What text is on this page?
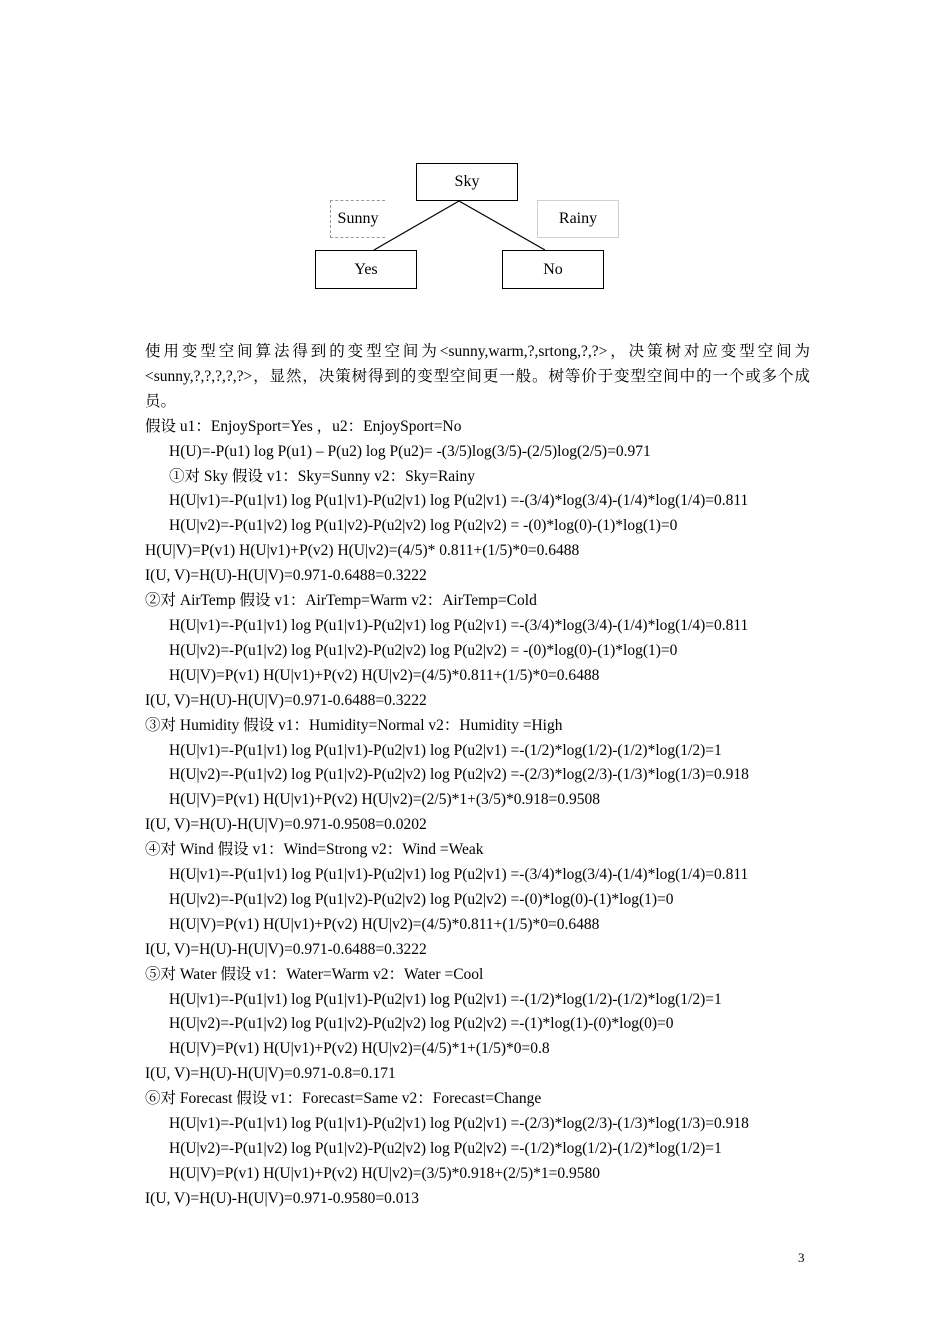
Sky
Sunny	Rainy
Yes	No
使用变型空间算法得到的变型空间为<sunny,warm,?,srtong,?,?>，决策树对应变型空间为<sunny,?,?,?,?,?>，显然，决策树得到的变型空间更一般。树等价于变型空间中的一个或多个成员。
假设 u1：EnjoySport=Yes ，u2：EnjoySport=No
H(U)=-P(u1) log P(u1) – P(u2) log P(u2)= -(3/5)log(3/5)-(2/5)log(2/5)=0.971
①对 Sky 假设 v1：Sky=Sunny v2：Sky=Rainy
H(U|v1)=-P(u1|v1) log P(u1|v1)-P(u2|v1) log P(u2|v1) =-(3/4)*log(3/4)-(1/4)*log(1/4)=0.811
H(U|v2)=-P(u1|v2) log P(u1|v2)-P(u2|v2) log P(u2|v2) = -(0)*log(0)-(1)*log(1)=0
H(U|V)=P(v1) H(U|v1)+P(v2) H(U|v2)=(4/5)* 0.811+(1/5)*0=0.6488
I(U, V)=H(U)-H(U|V)=0.971-0.6488=0.3222
②对 AirTemp 假设 v1：AirTemp=Warm v2：AirTemp=Cold
H(U|v1)=-P(u1|v1) log P(u1|v1)-P(u2|v1) log P(u2|v1) =-(3/4)*log(3/4)-(1/4)*log(1/4)=0.811
H(U|v2)=-P(u1|v2) log P(u1|v2)-P(u2|v2) log P(u2|v2) = -(0)*log(0)-(1)*log(1)=0
H(U|V)=P(v1) H(U|v1)+P(v2) H(U|v2)=(4/5)*0.811+(1/5)*0=0.6488
I(U, V)=H(U)-H(U|V)=0.971-0.6488=0.3222
③对 Humidity 假设 v1：Humidity=Normal v2：Humidity =High
H(U|v1)=-P(u1|v1) log P(u1|v1)-P(u2|v1) log P(u2|v1) =-(1/2)*log(1/2)-(1/2)*log(1/2)=1
H(U|v2)=-P(u1|v2) log P(u1|v2)-P(u2|v2) log P(u2|v2) =-(2/3)*log(2/3)-(1/3)*log(1/3)=0.918
H(U|V)=P(v1) H(U|v1)+P(v2) H(U|v2)=(2/5)*1+(3/5)*0.918=0.9508
I(U, V)=H(U)-H(U|V)=0.971-0.9508=0.0202
④对 Wind 假设 v1：Wind=Strong v2：Wind =Weak
H(U|v1)=-P(u1|v1) log P(u1|v1)-P(u2|v1) log P(u2|v1) =-(3/4)*log(3/4)-(1/4)*log(1/4)=0.811
H(U|v2)=-P(u1|v2) log P(u1|v2)-P(u2|v2) log P(u2|v2) =-(0)*log(0)-(1)*log(1)=0
H(U|V)=P(v1) H(U|v1)+P(v2) H(U|v2)=(4/5)*0.811+(1/5)*0=0.6488
I(U, V)=H(U)-H(U|V)=0.971-0.6488=0.3222
⑤对 Water 假设 v1：Water=Warm v2：Water =Cool
H(U|v1)=-P(u1|v1) log P(u1|v1)-P(u2|v1) log P(u2|v1) =-(1/2)*log(1/2)-(1/2)*log(1/2)=1
H(U|v2)=-P(u1|v2) log P(u1|v2)-P(u2|v2) log P(u2|v2) =-(1)*log(1)-(0)*log(0)=0
H(U|V)=P(v1) H(U|v1)+P(v2) H(U|v2)=(4/5)*1+(1/5)*0=0.8
I(U, V)=H(U)-H(U|V)=0.971-0.8=0.171
⑥对 Forecast 假设 v1：Forecast=Same v2：Forecast=Change
H(U|v1)=-P(u1|v1) log P(u1|v1)-P(u2|v1) log P(u2|v1) =-(2/3)*log(2/3)-(1/3)*log(1/3)=0.918
H(U|v2)=-P(u1|v2) log P(u1|v2)-P(u2|v2) log P(u2|v2) =-(1/2)*log(1/2)-(1/2)*log(1/2)=1
H(U|V)=P(v1) H(U|v1)+P(v2) H(U|v2)=(3/5)*0.918+(2/5)*1=0.9580
I(U, V)=H(U)-H(U|V)=0.971-0.9580=0.013
3
